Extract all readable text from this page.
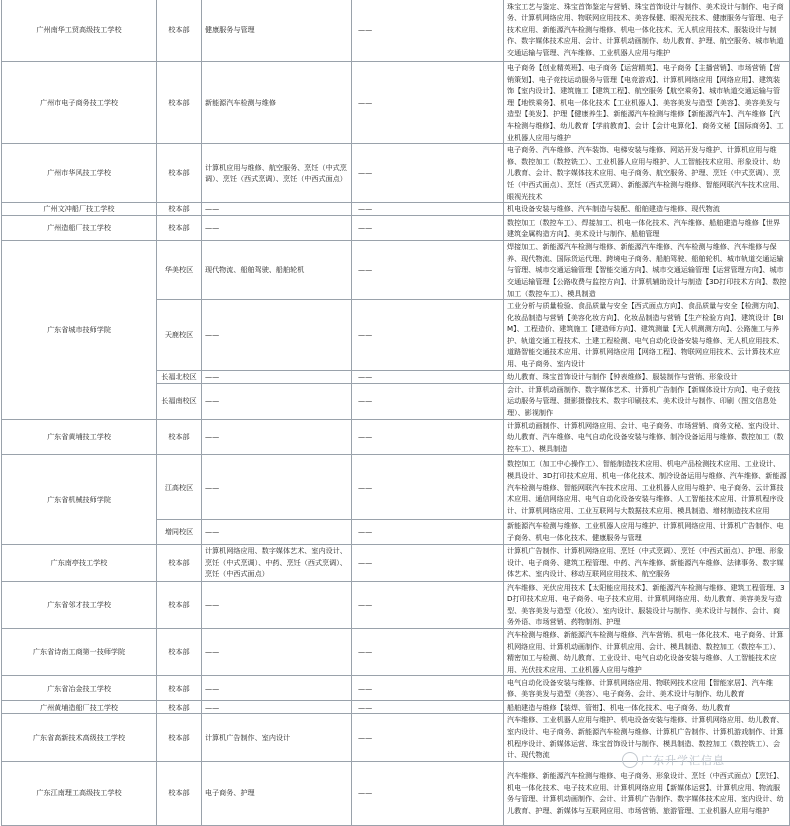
广州南华工贸高级技工学校	校本部	健康服务与管理	——	珠宝工艺与鉴定、珠宝首饰鉴定与营销、珠宝首饰设计与制作、美术设计与制作、电子商务、计算机网络应用、物联网应用技术、美容保健、眼视光技术、健康服务与管理、电子技术应用、新能源汽车检测与维修、机电一体化技术、无人机应用技术、服装设计与制作、数字媒体技术应用、会计、计算机动画制作、幼儿教育、护理、航空服务、城市轨道交通运输与管理、汽车维修、工业机器人应用与维护
广州市电子商务技工学校	校本部	新能源汽车检测与维修	——	电子商务【创业精英班】、电子商务【运营精英】、电子商务【主播营销】、市场营销【营销策划】、电子竞技运动服务与管理【电竞游戏】、计算机网络应用【网络应用】、建筑装饰【室内设计】、建筑施工【建筑工程】、航空服务【航空乘务】、城市轨道交通运输与管理【地铁乘务】、机电一体化技术【工业机器人】、美容美发与造型【美容】、美容美发与造型【美发】、护理【健康养生】、新能源汽车检测与维修【新能源汽车】、汽车维修【汽车检测与维修】、幼儿教育【学前教育】、会计【会计电算化】、商务文秘【国际商务】、工业机器人应用与维护
广州市华风技工学校	校本部	计算机应用与维修、航空服务、烹饪（中式烹调）、烹饪（西式烹调）、烹饪（中西式面点）	——	电子商务、汽车维修、汽车装饰、电梯安装与维修、网站开发与维护、计算机应用与维修、数控加工（数控铣工）、工业机器人应用与维护、人工智能技术应用、形象设计、幼儿教育、会计、数字媒体技术应用、电子商务、航空服务、护理、烹饪（中式烹调）、烹饪（中西式面点）、烹饪（西式烹调）、新能源汽车检测与维修、智能网联汽车技术应用、眼视光技术
广州文冲船厂技工学校	校本部	——	——	机电设备安装与维修、汽车制造与装配、船舶建造与维修、现代物流
广州造船厂技工学校	校本部	——	——	数控加工（数控车工）、焊接加工、机电一体化技术、汽车维修、船舶建造与维修【世界建筑金属构造方向】、美术设计与制作、船舶管理
广东省城市技师学院	华美校区	现代物流、船舶驾驶、船舶轮机	——	焊接加工、新能源汽车检测与维修、新能源汽车维修、汽车检测与维修、汽车维修与保养、现代物流、国际货运代理、跨境电子商务、船舶驾驶、船舶轮机、城市轨道交通运输与管理、城市交通运输管理【智能交通方向】、城市交通运输管理【运营管理方向】、城市交通运输管理【公路收费与监控方向】、计算机辅助设计与制造【3D打印技术方向】、数控加工（数控车工）、模具制造
	天鹿校区	——	——	工业分析与质量检验、食品质量与安全【西式面点方向】、食品质量与安全【检测方向】、化妆品制造与营销【美容化妆方向】、化妆品制造与营销【生产检验方向】、建筑设计【BIM】、工程造价、建筑施工【建造师方向】、建筑测量【无人机测测方向】、公路施工与养护、轨道交通工程技术、土建工程检测、电气自动化设备安装与维修、无人机应用技术、道路智能交通技术应用、计算机网络应用【网络工程】、物联网应用技术、云计算技术应用、电子商务、室内设计
	长福北校区	——	——	幼儿教育、珠宝首饰设计与制作【钟表维修】、服装制作与营销、形象设计
	长福南校区	——	——	会计、计算机动画制作、数字媒体艺术、计算机广告制作【新媒体设计方向】、电子竞技运动服务与管理、摄影摄像技术、数字印刷技术、美术设计与制作、印刷（图文信息处理）、影视制作
广东省黄埔技工学校	校本部	——	——	计算机动画制作、计算机网络应用、会计、电子商务、市场营销、商务文秘、室内设计、幼儿教育、汽车维修、电气自动化设备安装与维修、制冷设备运用与维修、数控加工（数控车工）、模具制造
广东省机械技师学院	江高校区	——	——	数控加工（加工中心操作工）、智能制造技术应用、机电产品检测技术应用、工业设计、模具设计、3D打印技术应用、机电一体化技术、制冷设备运用与维修、汽车维修、新能源汽车检测与维修、智能网联汽车技术应用、工业机器人应用与维护、电子商务、云计算技术应用、通信网络应用、电气自动化设备安装与维修、人工智能技术应用、计算机程序设计、计算机网络应用、工业互联网与大数据技术应用、模具制造、增材制造技术应用
	增同校区	——	——	新能源汽车检测与维修、工业机器人应用与维护、计算机网络应用、计算机广告制作、电子商务、机电一体化技术、健康服务与管理
广东南亭技工学校	校本部	计算机网络应用、数字媒体艺术、室内设计、烹饪（中式烹调）、中药、烹饪（西式烹调）、烹饪（中西式面点）	——	计算机广告制作、计算机网络应用、烹饪（中式烹调）、烹饪（中西式面点）、护理、形象设计、电子商务、建筑工程管理、中药、汽车维修、新能源汽车维修、法律事务、数字媒体艺术、室内设计、移动互联网应用技术、航空服务
广东省邻才技工学校	校本部	——	——	汽车维修、光伏应用技术【太阳能应用技术】、新能源汽车检测与维修、建筑工程管理、3D打印技术应用、电子商务、电子技术应用、计算机网络应用、幼儿教育、美容美发与造型、美容美发与造型（化妆）、室内设计、服装设计与制作、美术设计与制作、会计、商务外语、市场营销、药物制剂、护理
广东省诗南工商第一技师学院	校本部	——	——	汽车检测与维修、新能源汽车检测与维修、汽车营销、机电一体化技术、电子商务、计算机网络应用、计算机动画制作、计算机应用、会计、模具制造、数控加工（数控车工）、精密加工与检测、幼儿教育、工业设计、电气自动化设备安装与维修、人工智能技术应用、光伏技术应用、工业机器人应用与维护
广东省冶金技工学校	校本部	——	——	电气自动化设备安装与维修、计算机网络应用、物联网技术应用【智能家居】、汽车维修、美容美发与造型（美容）、电子商务、会计、美术设计与制作、幼儿教育
广州黄埔造船厂技工学校	校本部	——	——	船舶建造与维修【装焊、管钳】、机电一体化技术、电子商务、幼儿教育
广东省高新技术高级技工学校	校本部	计算机广告制作、室内设计	——	汽车维修、工业机器人应用与维护、机电设备安装与维修、计算机网络应用、幼儿教育、室内设计、电子商务、新能源汽车检测与维修、计算机广告制作、计算机游戏制作、计算机程序设计、新媒体运营、珠宝首饰设计与制作、模具制造、数控加工（数控铣工）、会计、现代物流
广东江南理工高级技工学校	校本部	电子商务、护理	——	汽车维修、新能源汽车检测与维修、电子商务、形象设计、烹饪（中西式面点）【烹饪】、机电一体化技术、电子技术应用、计算机网络应用【新媒体运营】、计算机应用、物流服务与管理、计算机动画制作、会计、计算机广告制作、数字媒体技术应用、室内设计、幼儿教育、护理、新媒体与互联网应用、市场营销、旅游管理、工业机器人应用与维护
广东升学汇信息
